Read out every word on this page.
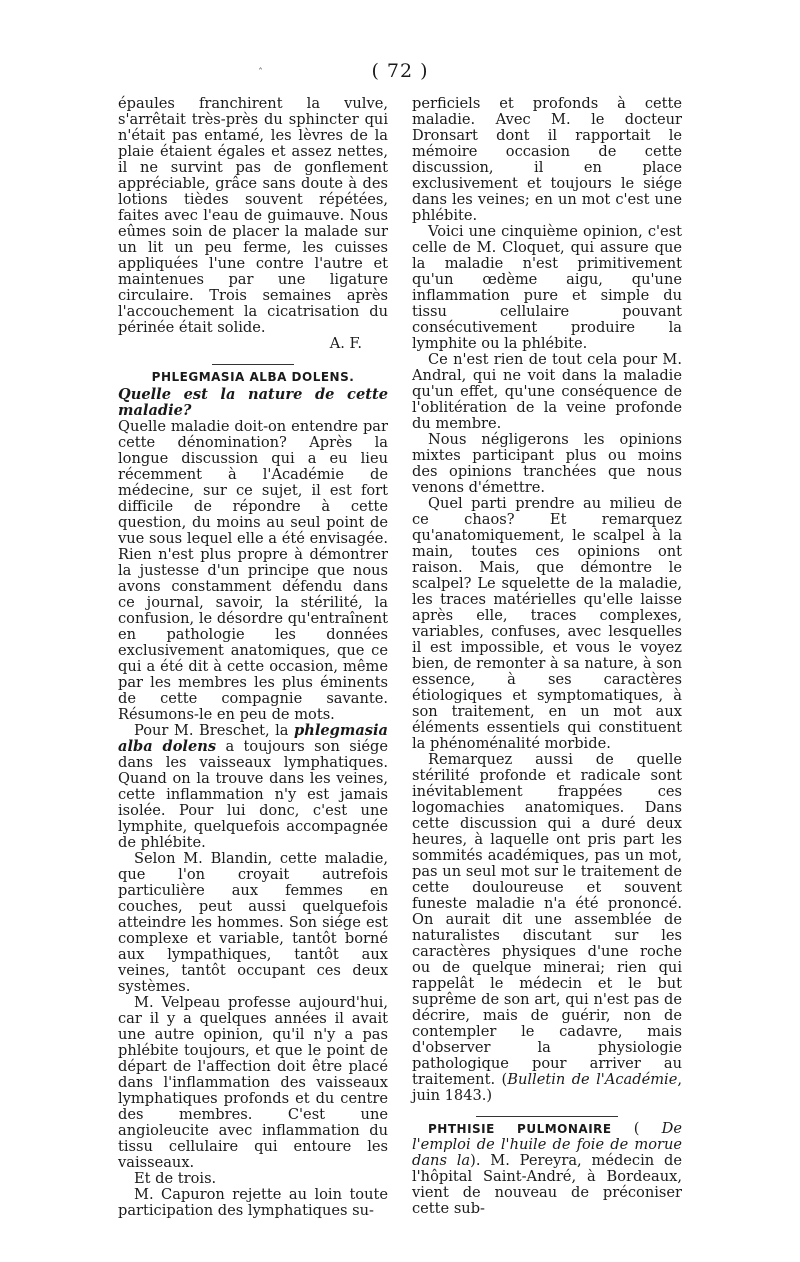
ˆ	( 72 )

épaules franchirent la vulve, s'arrêtait très-près du sphincter qui n'était pas entamé, les lèvres de la plaie étaient égales et assez nettes, il ne survint pas de gonflement appréciable, grâce sans doute à des lotions tièdes souvent répétées, faites avec l'eau de guimauve. Nous eûmes soin de placer la malade sur un lit un peu ferme, les cuisses appliquées l'une contre l'autre et maintenues par une ligature circulaire. Trois semaines après l'accouchement la cicatrisation du périnée était solide.

A. F.

PHLEGMASIA ALBA DOLENS.

Quelle est la nature de cette maladie?

Quelle maladie doit-on entendre par cette dénomination? Après la longue discussion qui a eu lieu récemment à l'Académie de médecine, sur ce sujet, il est fort difficile de répondre à cette question, du moins au seul point de vue sous lequel elle a été envisagée. Rien n'est plus propre à démontrer la justesse d'un principe que nous avons constamment défendu dans ce journal, savoir, la stérilité, la confusion, le désordre qu'entraînent en pathologie les données exclusivement anatomiques, que ce qui a été dit à cette occasion, même par les membres les plus éminents de cette compagnie savante. Résumons-le en peu de mots.

Pour M. Breschet, la phlegmasia alba dolens a toujours son siége dans les vaisseaux lymphatiques. Quand on la trouve dans les veines, cette inflammation n'y est jamais isolée. Pour lui donc, c'est une lymphite, quelquefois accompagnée de phlébite.

Selon M. Blandin, cette maladie, que l'on croyait autrefois particulière aux femmes en couches, peut aussi quelquefois atteindre les hommes. Son siége est complexe et variable, tantôt borné aux lympathiques, tantôt aux veines, tantôt occupant ces deux systèmes.

M. Velpeau professe aujourd'hui, car il y a quelques années il avait une autre opinion, qu'il n'y a pas phlébite toujours, et que le point de départ de l'affection doit être placé dans l'inflammation des vaisseaux lymphatiques profonds et du centre des membres. C'est une angioleucite avec inflammation du tissu cellulaire qui entoure les vaisseaux.

Et de trois.

M. Capuron rejette au loin toute participation des lymphatiques su-

perficiels et profonds à cette maladie. Avec M. le docteur Dronsart dont il rapportait le mémoire occasion de cette discussion, il en place exclusivement et toujours le siége dans les veines; en un mot c'est une phlébite.

Voici une cinquième opinion, c'est celle de M. Cloquet, qui assure que la maladie n'est primitivement qu'un œdème aigu, qu'une inflammation pure et simple du tissu cellulaire pouvant consécutivement produire la lymphite ou la phlébite.

Ce n'est rien de tout cela pour M. Andral, qui ne voit dans la maladie qu'un effet, qu'une conséquence de l'oblitération de la veine profonde du membre.

Nous négligerons les opinions mixtes participant plus ou moins des opinions tranchées que nous venons d'émettre.

Quel parti prendre au milieu de ce chaos? Et remarquez qu'anatomiquement, le scalpel à la main, toutes ces opinions ont raison. Mais, que démontre le scalpel? Le squelette de la maladie, les traces matérielles qu'elle laisse après elle, traces complexes, variables, confuses, avec lesquelles il est impossible, et vous le voyez bien, de remonter à sa nature, à son essence, à ses caractères étiologiques et symptomatiques, à son traitement, en un mot aux éléments essentiels qui constituent la phénoménalité morbide.

Remarquez aussi de quelle stérilité profonde et radicale sont inévitablement frappées ces logomachies anatomiques. Dans cette discussion qui a duré deux heures, à laquelle ont pris part les sommités académiques, pas un mot, pas un seul mot sur le traitement de cette douloureuse et souvent funeste maladie n'a été prononcé. On aurait dit une assemblée de naturalistes discutant sur les caractères physiques d'une roche ou de quelque minerai; rien qui rappelât le médecin et le but suprême de son art, qui n'est pas de décrire, mais de guérir, non de contempler le cadavre, mais d'observer la physiologie pathologique pour arriver au traitement. (Bulletin de l'Académie, juin 1843.)

PHTHISIE PULMONAIRE ( De l'emploi de l'huile de foie de morue dans la). M. Pereyra, médecin de l'hôpital Saint-André, à Bordeaux, vient de nouveau de préconiser cette sub-
